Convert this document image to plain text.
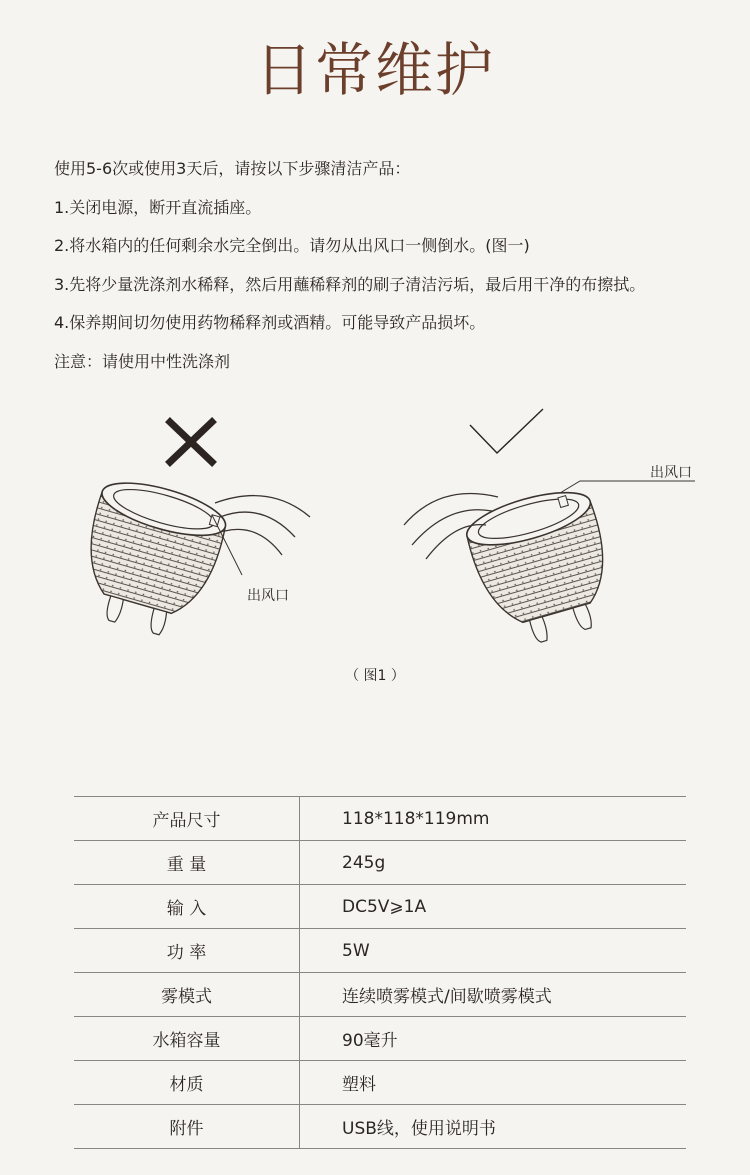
日常维护

使用5-6次或使用3天后，请按以下步骤清洁产品：

1.关闭电源，断开直流插座。

2.将水箱内的任何剩余水完全倒出。请勿从出风口一侧倒水。(图一)

3.先将少量洗涤剂水稀释，然后用蘸稀释剂的刷子清洁污垢，最后用干净的布擦拭。

4.保养期间切勿使用药物稀释剂或酒精。可能导致产品损坏。

注意：请使用中性洗涤剂

出风口
出风口
（ 图1 ）
产品尺寸	118*118*119mm
重 量	245g
输 入	DC5V⩾1A
功 率	5W
雾模式	连续喷雾模式/间歇喷雾模式
水箱容量	90毫升
材质	塑料
附件	USB线，使用说明书
